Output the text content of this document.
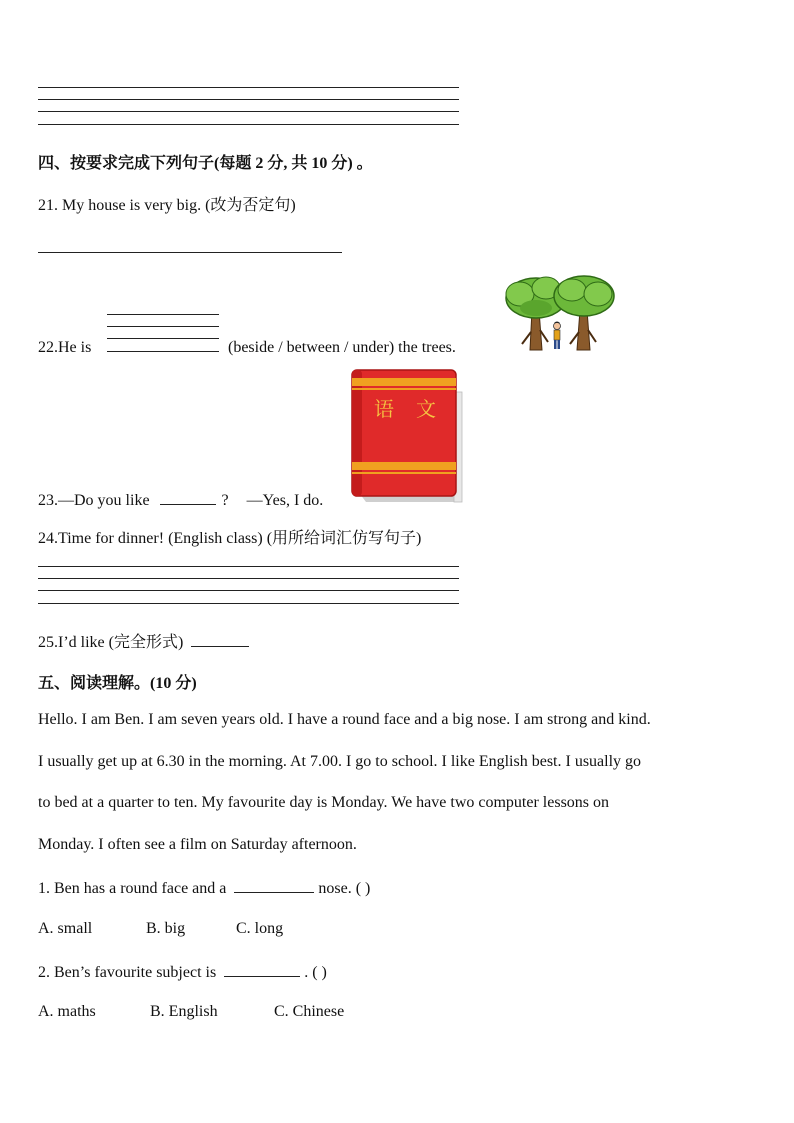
四、按要求完成下列句子(每题 2 分, 共 10 分) 。
21. My house is very big. (改为否定句)
22.He is	(beside / between / under) the trees.
语 文
23.—Do you like	? —Yes, I do.
24.Time for dinner! (English class) (用所给词汇仿写句子)
25.I’d like (完全形式)
五、阅读理解。(10 分)
Hello. I am Ben. I am seven years old. I have a round face and a big nose. I am strong and kind.
I usually get up at 6.30 in the morning. At 7.00. I go to school. I like English best. I usually go
to bed at a quarter to ten. My favourite day is Monday. We have two computer lessons on
Monday. I often see a film on Saturday afternoon.
1. Ben has a round face and a	nose. ( )
A. small	B. big	C. long
2. Ben’s favourite subject is	. ( )
A. maths	B. English	C. Chinese
